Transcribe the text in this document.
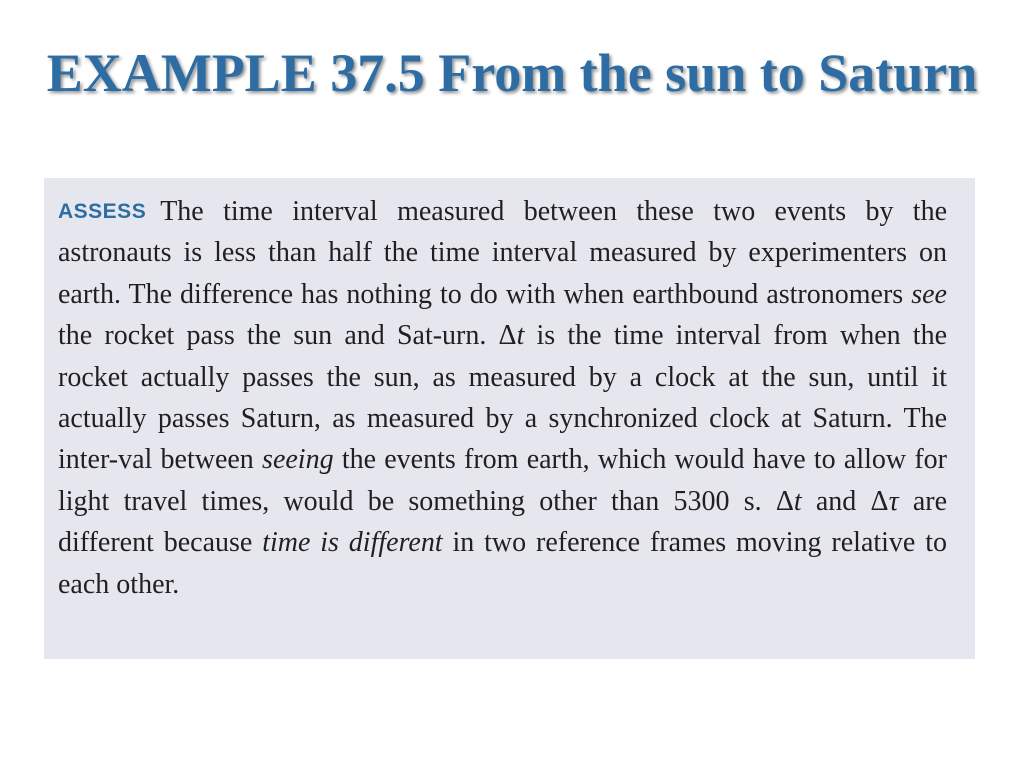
EXAMPLE 37.5 From the sun to Saturn

ASSESS The time interval measured between these two events by the astronauts is less than half the time interval measured by experimenters on earth. The difference has nothing to do with when earthbound astronomers see the rocket pass the sun and Sat-urn. Δt is the time interval from when the rocket actually passes the sun, as measured by a clock at the sun, until it actually passes Saturn, as measured by a synchronized clock at Saturn. The inter-val between seeing the events from earth, which would have to allow for light travel times, would be something other than 5300 s. Δt and Δτ are different because time is different in two reference frames moving relative to each other.
